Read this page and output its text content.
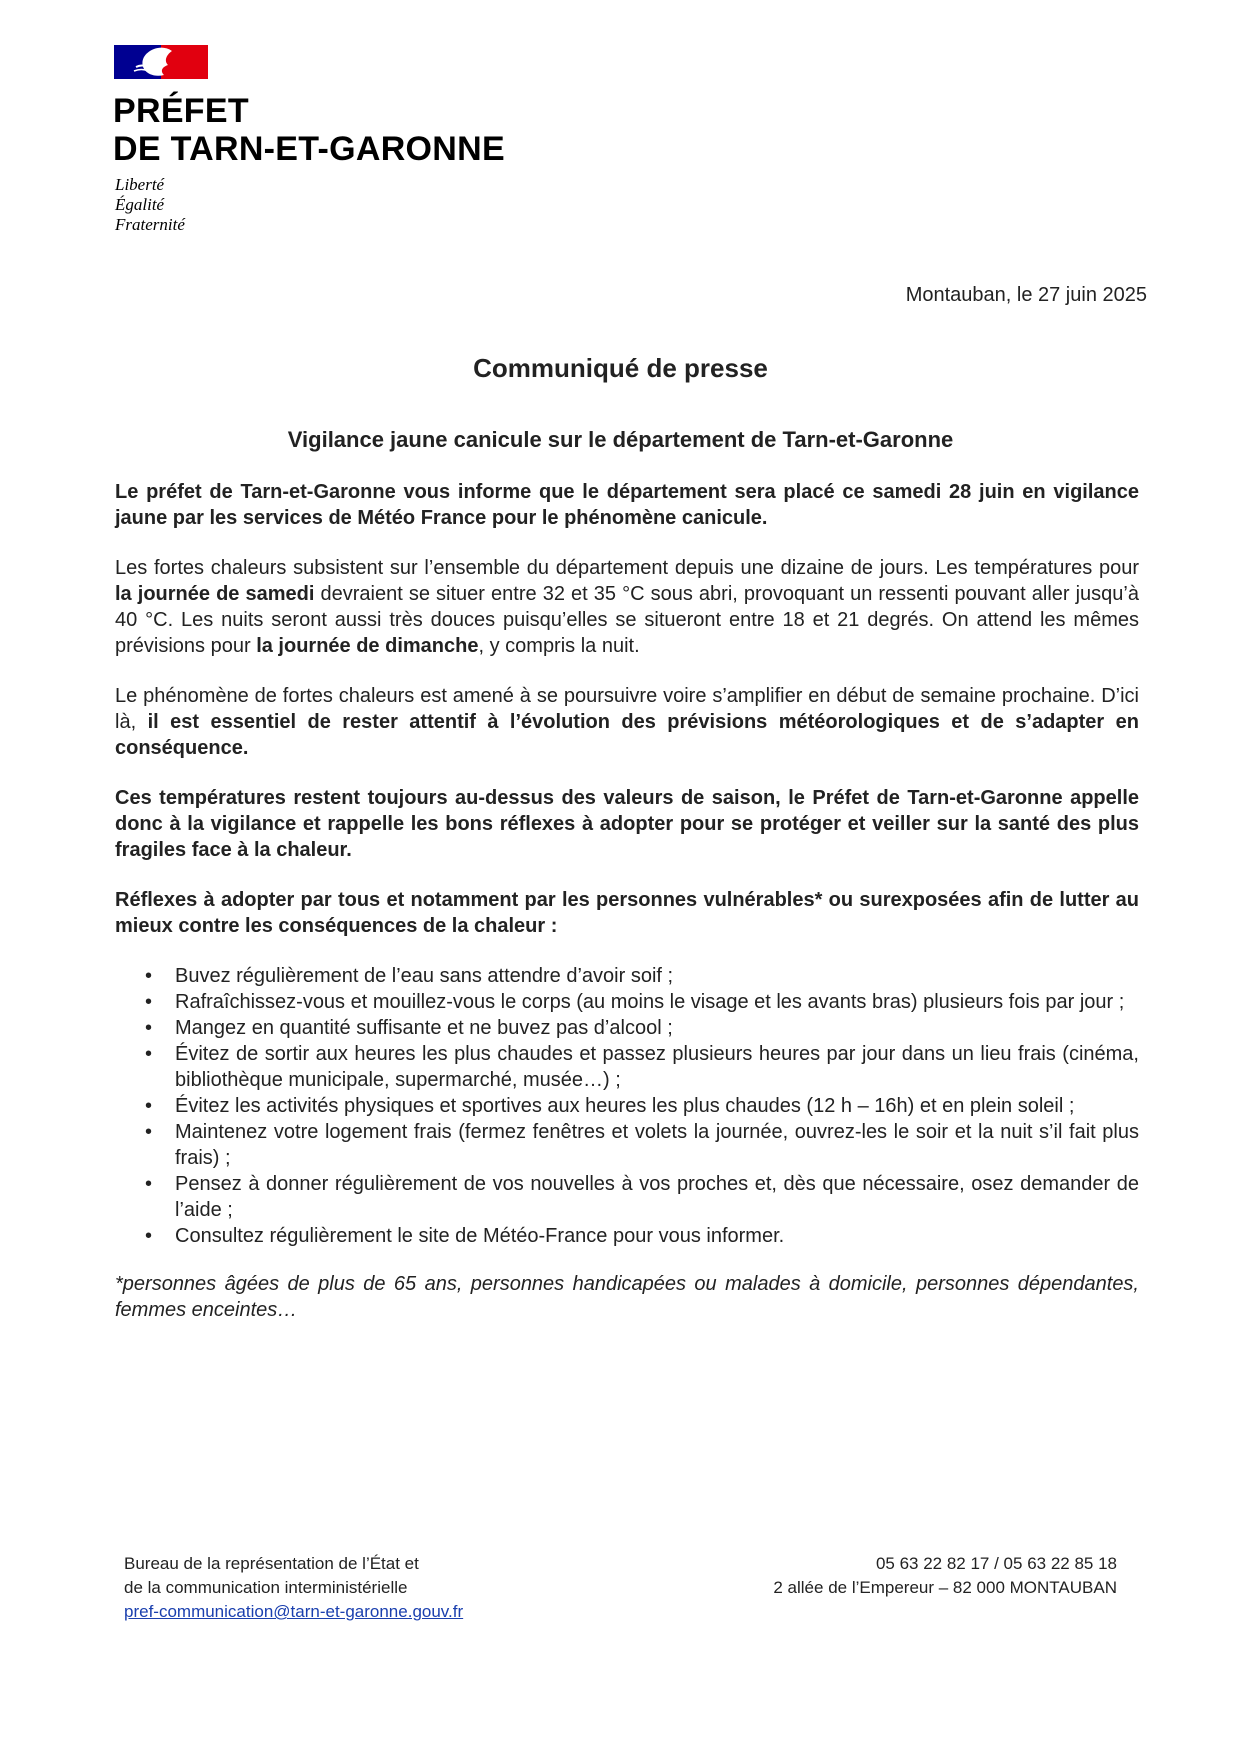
PRÉFET
DE TARN-ET-GARONNE
Liberté
Égalité
Fraternité
Montauban, le 27 juin 2025
Communiqué de presse
Vigilance jaune canicule sur le département de Tarn-et-Garonne

Le préfet de Tarn-et-Garonne vous informe que le département sera placé ce samedi 28 juin en vigilance jaune par les services de Météo France pour le phénomène canicule.

Les fortes chaleurs subsistent sur l’ensemble du département depuis une dizaine de jours. Les températures pour la journée de samedi devraient se situer entre 32 et 35 °C sous abri, provoquant un ressenti pouvant aller jusqu’à 40 °C. Les nuits seront aussi très douces puisqu’elles se situeront entre 18 et 21 degrés. On attend les mêmes prévisions pour la journée de dimanche, y compris la nuit.

Le phénomène de fortes chaleurs est amené à se poursuivre voire s’amplifier en début de semaine prochaine. D’ici là, il est essentiel de rester attentif à l’évolution des prévisions météorologiques et de s’adapter en conséquence.

Ces températures restent toujours au-dessus des valeurs de saison, le Préfet de Tarn-et-Garonne appelle donc à la vigilance et rappelle les bons réflexes à adopter pour se protéger et veiller sur la santé des plus fragiles face à la chaleur.

Réflexes à adopter par tous et notamment par les personnes vulnérables* ou surexposées afin de lutter au mieux contre les conséquences de la chaleur :

• Buvez régulièrement de l’eau sans attendre d’avoir soif ;
• Rafraîchissez-vous et mouillez-vous le corps (au moins le visage et les avants bras) plusieurs fois par jour ;
• Mangez en quantité suffisante et ne buvez pas d’alcool ;
• Évitez de sortir aux heures les plus chaudes et passez plusieurs heures par jour dans un lieu frais (cinéma, bibliothèque municipale, supermarché, musée…) ;
• Évitez les activités physiques et sportives aux heures les plus chaudes (12 h – 16h) et en plein soleil ;
• Maintenez votre logement frais (fermez fenêtres et volets la journée, ouvrez-les le soir et la nuit s’il fait plus frais) ;
• Pensez à donner régulièrement de vos nouvelles à vos proches et, dès que nécessaire, osez demander de l’aide ;
• Consultez régulièrement le site de Météo-France pour vous informer.

*personnes âgées de plus de 65 ans, personnes handicapées ou malades à domicile, personnes dépendantes, femmes enceintes…

Bureau de la représentation de l’État et
de la communication interministérielle
pref-communication@tarn-et-garonne.gouv.fr
05 63 22 82 17 / 05 63 22 85 18
2 allée de l’Empereur – 82 000 MONTAUBAN
